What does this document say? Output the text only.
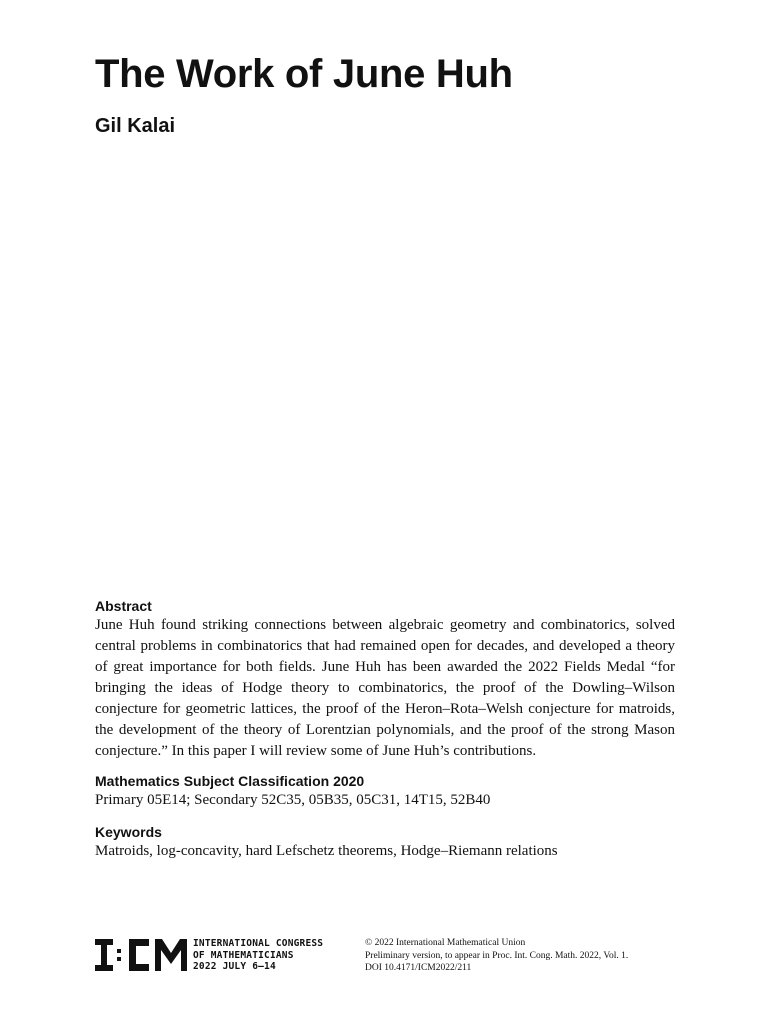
The Work of June Huh
Gil Kalai

Abstract

June Huh found striking connections between algebraic geometry and combinatorics, solved central problems in combinatorics that had remained open for decades, and developed a theory of great importance for both fields. June Huh has been awarded the 2022 Fields Medal “for bringing the ideas of Hodge theory to combinatorics, the proof of the Dowling–Wilson conjecture for geometric lattices, the proof of the Heron–Rota–Welsh conjecture for matroids, the development of the theory of Lorentzian polynomials, and the proof of the strong Mason conjecture.” In this paper I will review some of June Huh’s contributions.

Mathematics Subject Classification 2020

Primary 05E14; Secondary 52C35, 05B35, 05C31, 14T15, 52B40

Keywords

Matroids, log-concavity, hard Lefschetz theorems, Hodge–Riemann relations

INTERNATIONAL CONGRESS
OF MATHEMATICIANS
2022 JULY 6—14
© 2022 International Mathematical Union
Preliminary version, to appear in Proc. Int. Cong. Math. 2022, Vol. 1.
DOI 10.4171/ICM2022/211
